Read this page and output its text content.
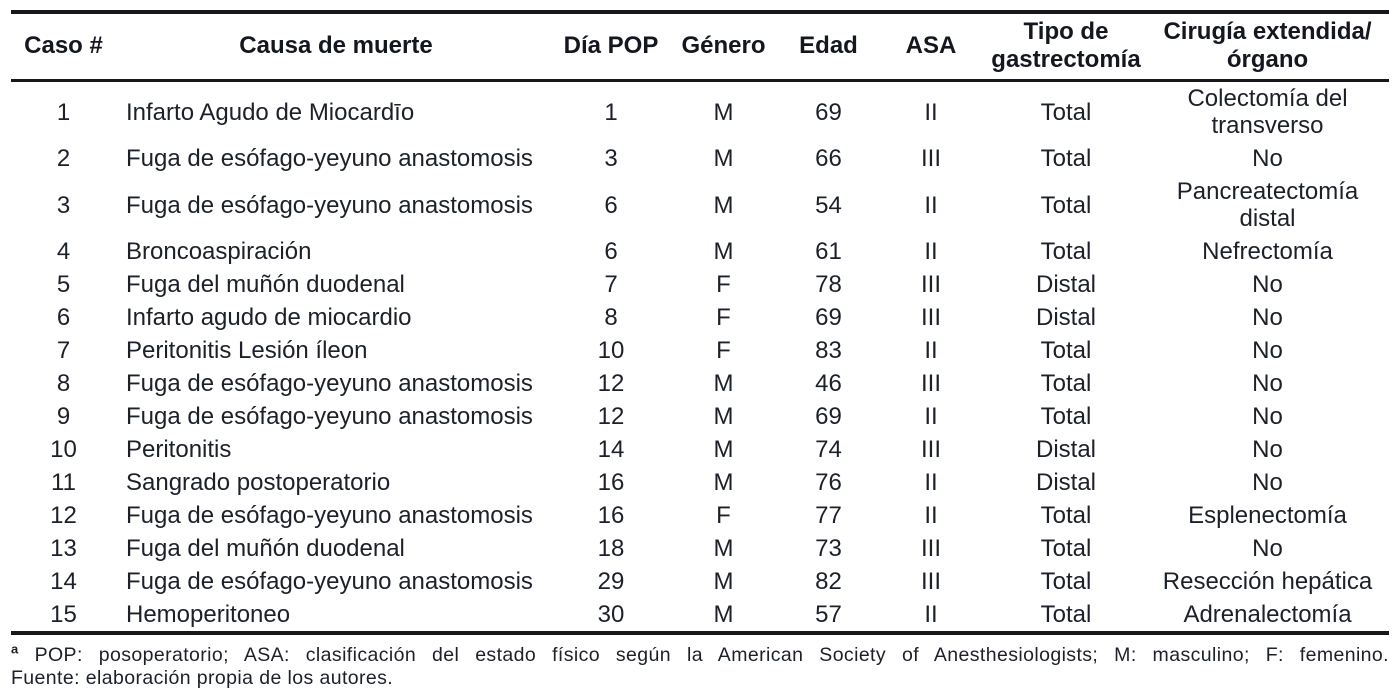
Caso #	Causa de muerte	Día POP	Género	Edad	ASA	Tipo de gastrectomía	Cirugía extendida/órgano
1	Infarto Agudo de Miocardīo	1	M	69	II	Total	Colectomía del transverso
2	Fuga de esófago-yeyuno anastomosis	3	M	66	III	Total	No
3	Fuga de esófago-yeyuno anastomosis	6	M	54	II	Total	Pancreatectomía distal
4	Broncoaspiración	6	M	61	II	Total	Nefrectomía
5	Fuga del muñón duodenal	7	F	78	III	Distal	No
6	Infarto agudo de miocardio	8	F	69	III	Distal	No
7	Peritonitis Lesión íleon	10	F	83	II	Total	No
8	Fuga de esófago-yeyuno anastomosis	12	M	46	III	Total	No
9	Fuga de esófago-yeyuno anastomosis	12	M	69	II	Total	No
10	Peritonitis	14	M	74	III	Distal	No
11	Sangrado postoperatorio	16	M	76	II	Distal	No
12	Fuga de esófago-yeyuno anastomosis	16	F	77	II	Total	Esplenectomía
13	Fuga del muñón duodenal	18	M	73	III	Total	No
14	Fuga de esófago-yeyuno anastomosis	29	M	82	III	Total	Resección hepática
15	Hemoperitoneo	30	M	57	II	Total	Adrenalectomía
$^a$ POP: posoperatorio; ASA: clasificación del estado físico según la American Society of Anesthesiologists; M: masculino; F: femenino.
Fuente: elaboración propia de los autores.
